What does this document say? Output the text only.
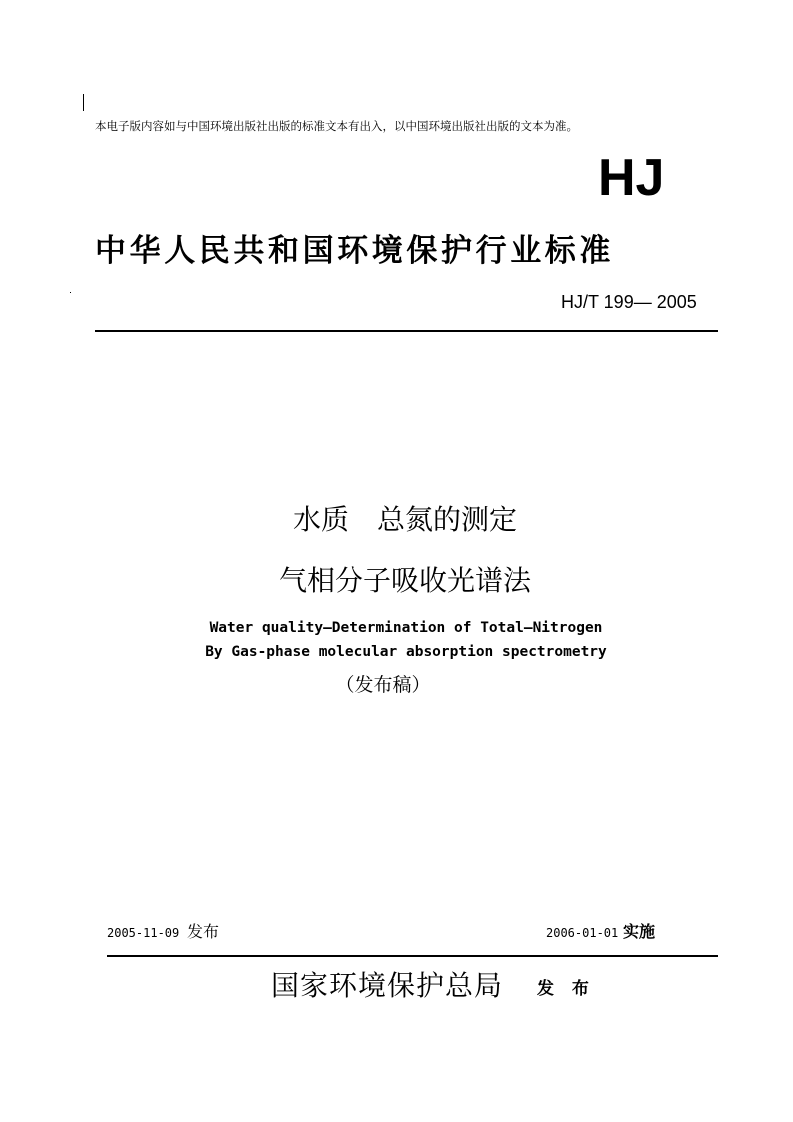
本电子版内容如与中国环境出版社出版的标准文本有出入，以中国环境出版社出版的文本为准。
HJ
中华人民共和国环境保护行业标准
HJ/T 199— 2005
水质　总氮的测定
气相分子吸收光谱法
Water quality—Determination of Total—Nitrogen
By Gas-phase molecular absorption spectrometry
（发布稿）
2005-11-09 发布	2006-01-01 实施
国家环境保护总局 发 布
